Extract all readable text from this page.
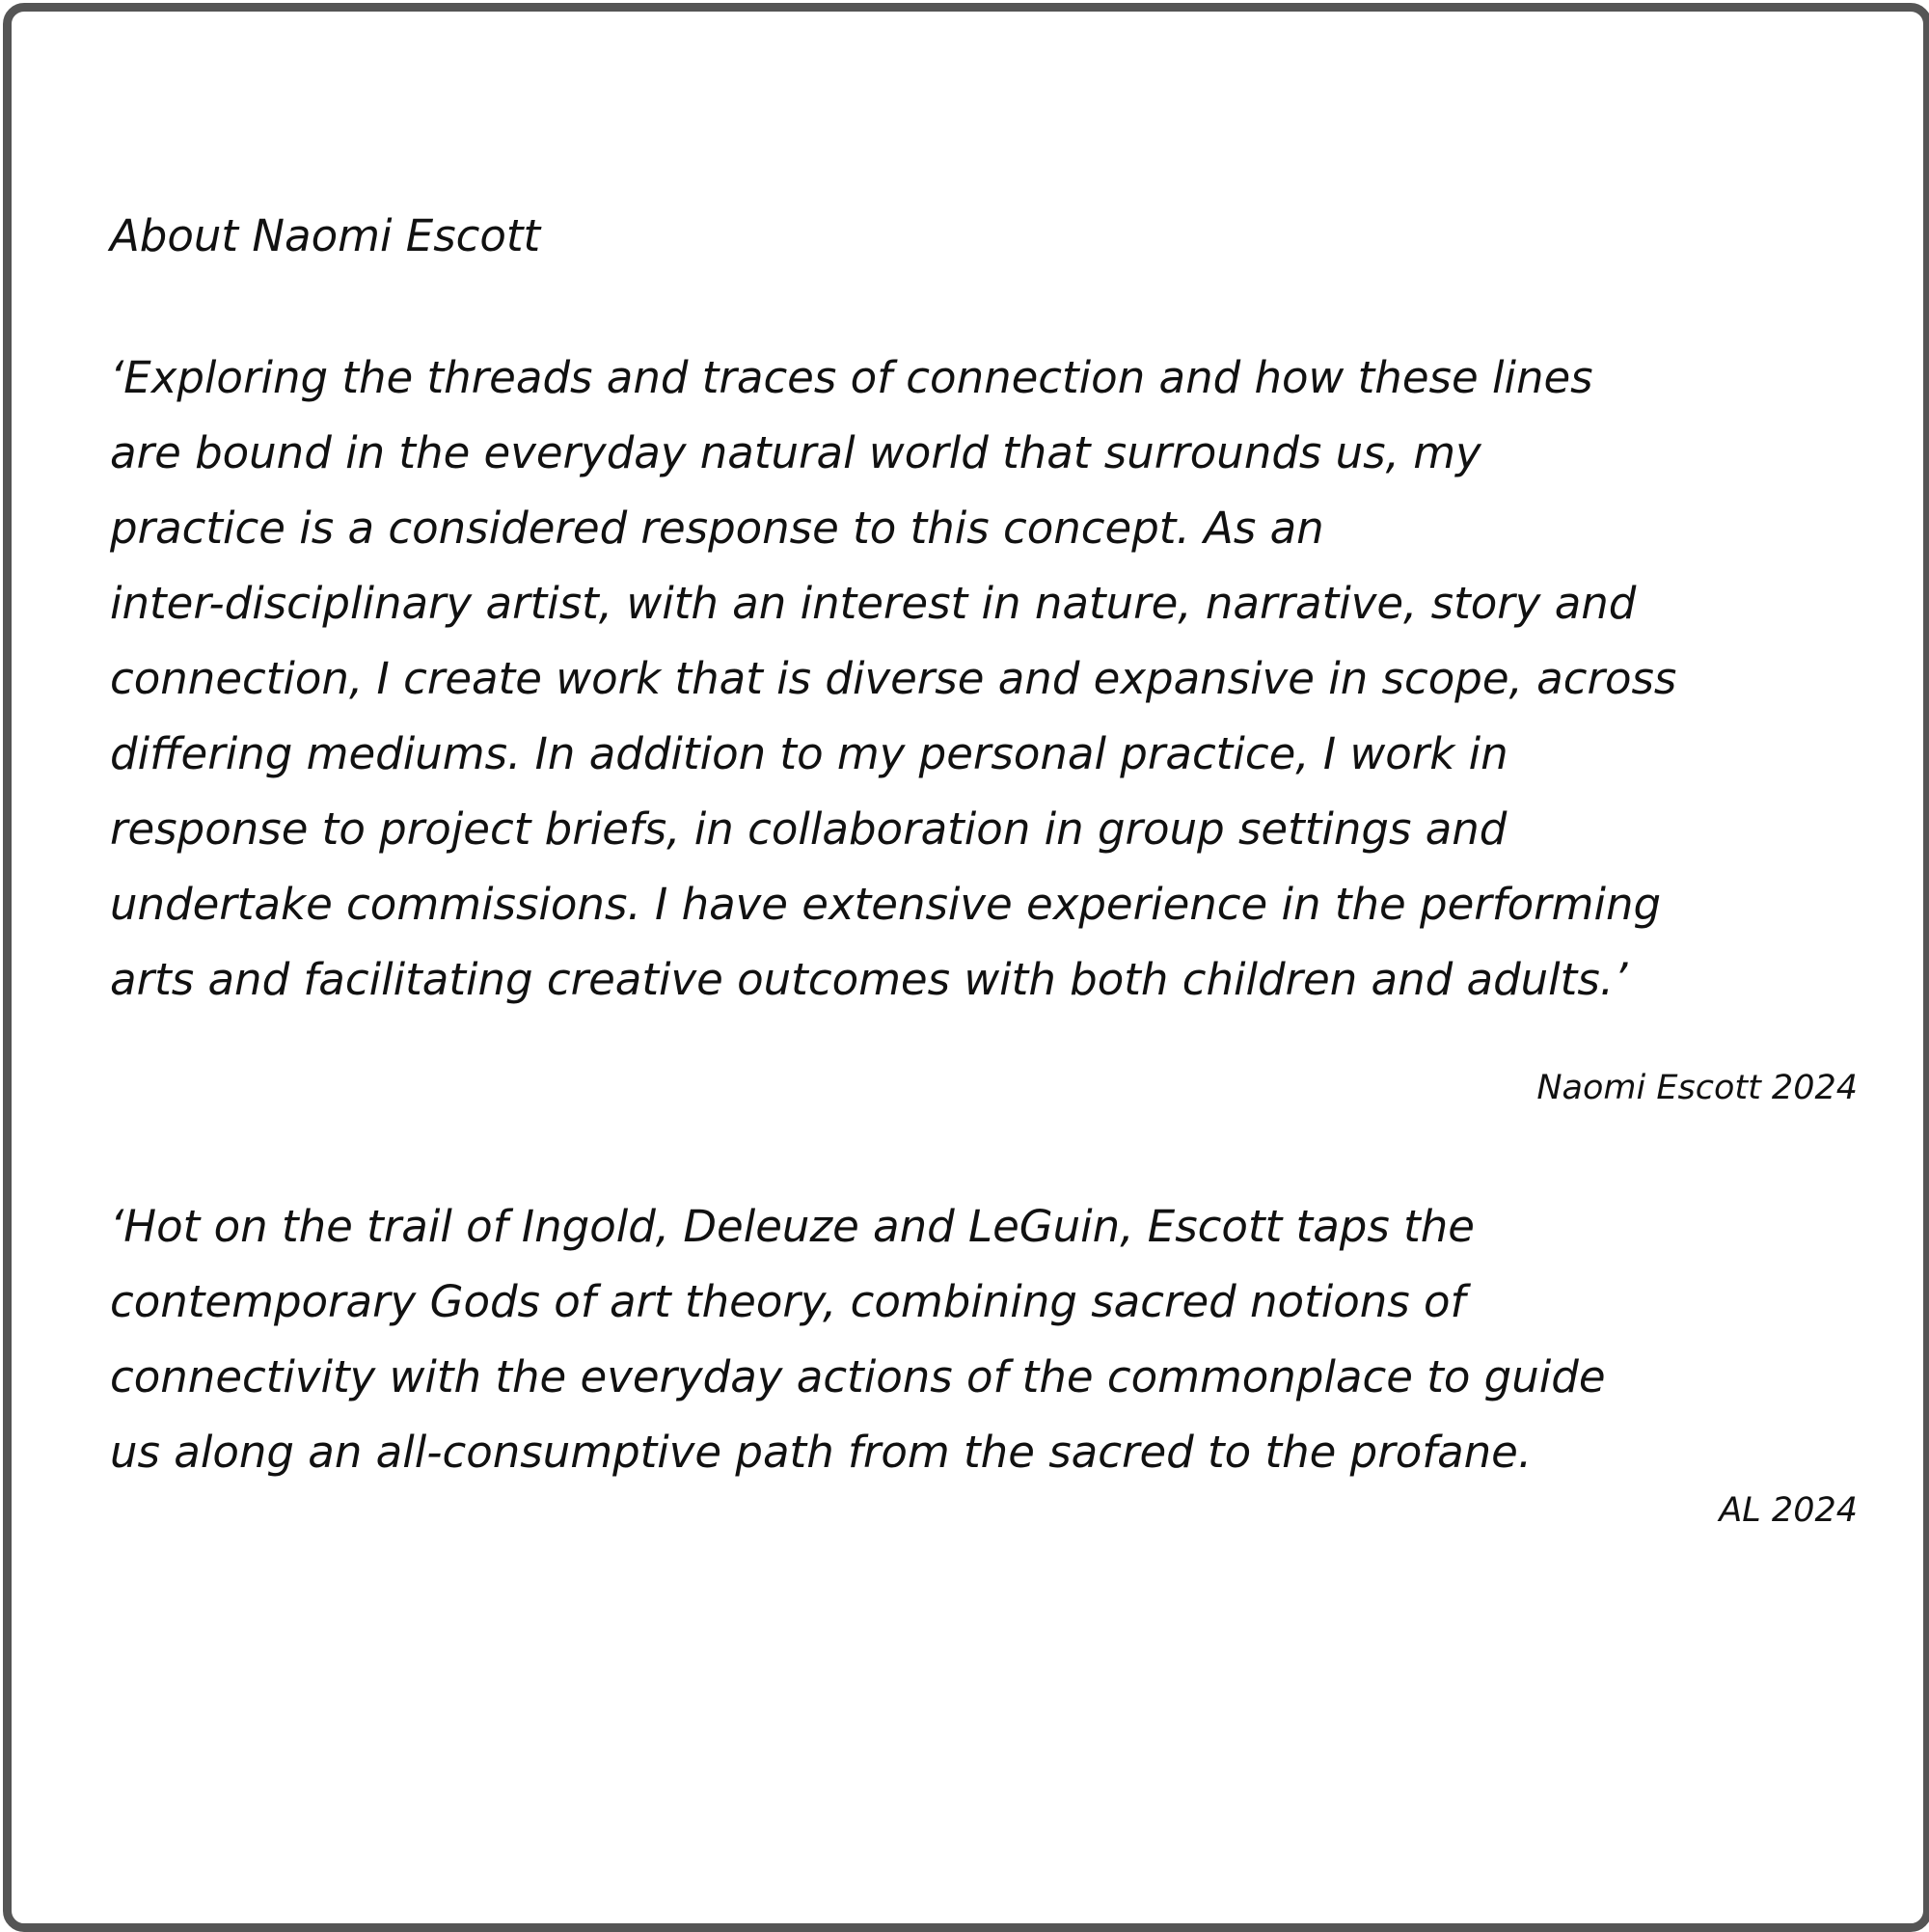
About Naomi Escott

‘Exploring the threads and traces of connection and how these lines
are bound in the everyday natural world that surrounds us, my
practice is a considered response to this concept. As an
inter-disciplinary artist, with an interest in nature, narrative, story and
connection, I create work that is diverse and expansive in scope, across
differing mediums. In addition to my personal practice, I work in
response to project briefs, in collaboration in group settings and
undertake commissions. I have extensive experience in the performing
arts and facilitating creative outcomes with both children and adults.’

Naomi Escott 2024

‘Hot on the trail of Ingold, Deleuze and LeGuin, Escott taps the
contemporary Gods of art theory, combining sacred notions of
connectivity with the everyday actions of the commonplace to guide
us along an all-consumptive path from the sacred to the profane.

AL 2024
